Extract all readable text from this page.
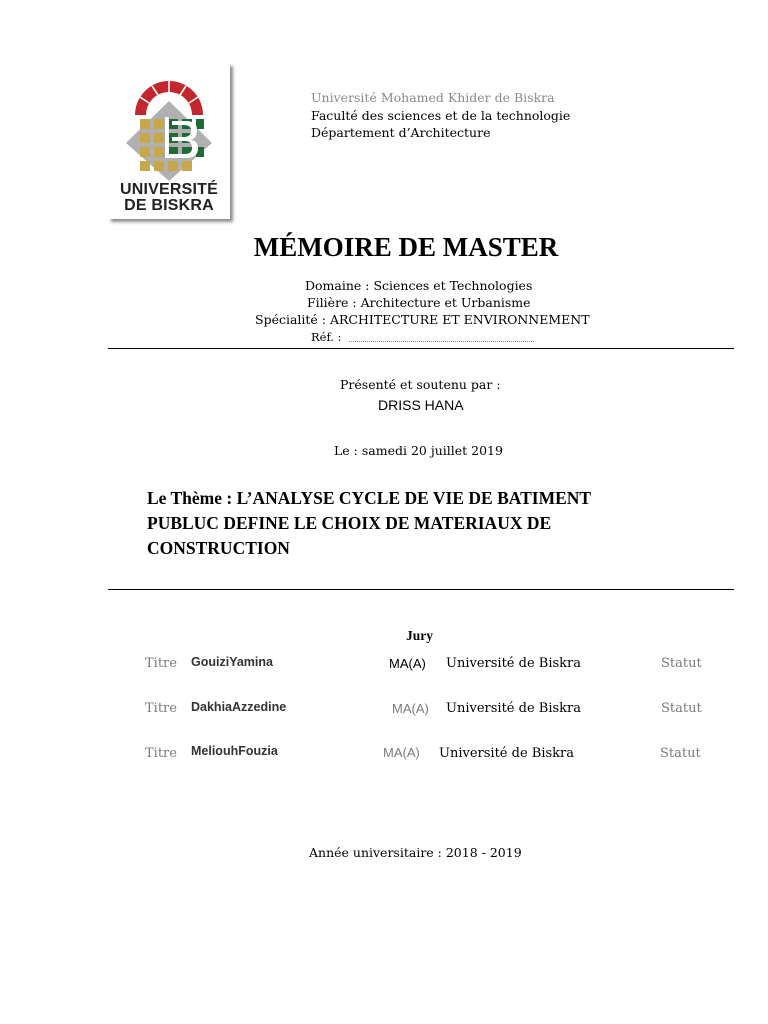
UNIVERSITÉ
DE BISKRA
Université Mohamed Khider de Biskra
Faculté des sciences et de la technologie
Département d’Architecture
MÉMOIRE DE MASTER
Domaine : Sciences et Technologies
Filière : Architecture et Urbanisme
Spécialité : ARCHITECTURE ET ENVIRONNEMENT
Réf. :
Présenté et soutenu par :
DRISS HANA
Le : samedi 20 juillet 2019
Le Thème : L’ANALYSE CYCLE DE VIE DE BATIMENT
PUBLUC DEFINE LE CHOIX DE MATERIAUX DE
CONSTRUCTION
Jury
Titre GouiziYamina	MA(A) Université de Biskra	Statut
Titre DakhiaAzzedine	MA(A) Université de Biskra	Statut
Titre MeliouhFouzia	MA(A) Université de Biskra	Statut
Année universitaire : 2018 - 2019
